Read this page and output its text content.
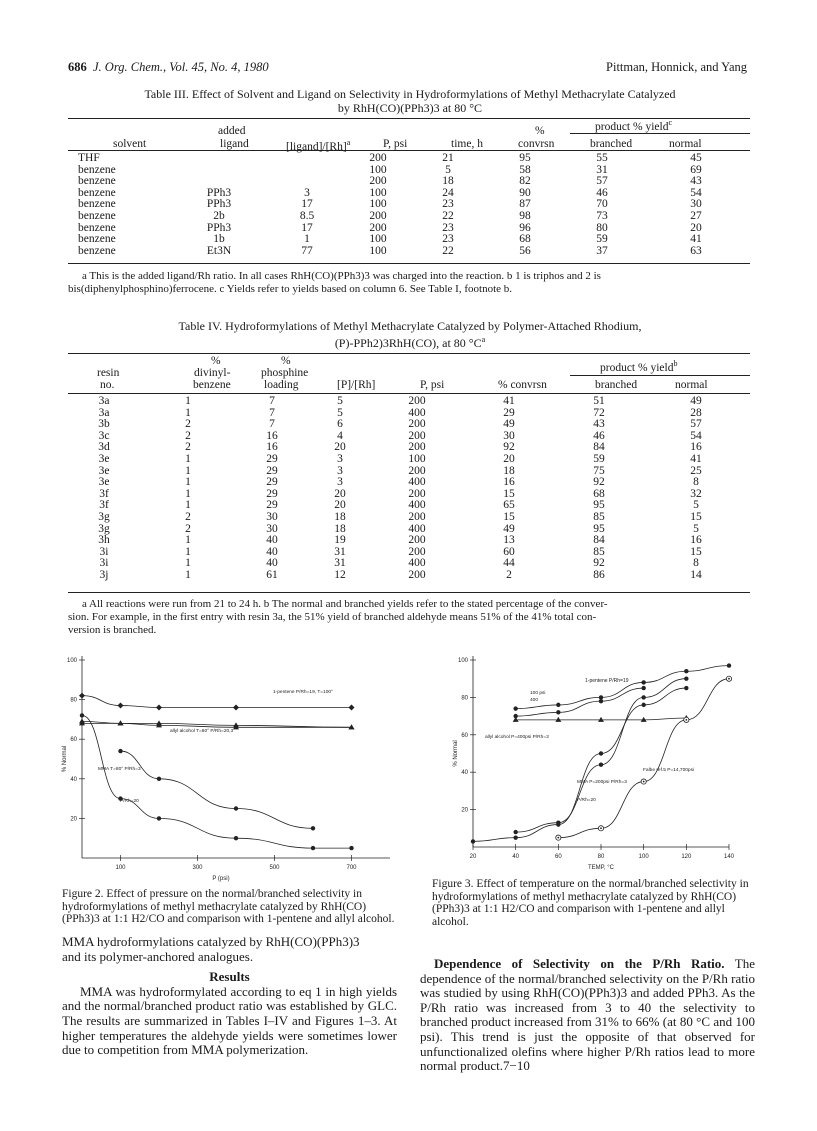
686 J. Org. Chem., Vol. 45, No. 4, 1980	Pittman, Honnick, and Yang
Table III. Effect of Solvent and Ligand on Selectivity in Hydroformylations of Methyl Methacrylate Catalyzed
by RhH(CO)(PPh3)3 at 80 °C
added	%	product % yield$^c$
solvent	ligand	$[ligand]/[Rh]^a$	P, psi	time, h	convrsn	branched	normal
THF			200	21	95	55	45
benzene			100	5	58	31	69
benzene			200	18	82	57	43
benzene	PPh3	3	100	24	90	46	54
benzene	PPh3	17	100	23	87	70	30
benzene	2b	8.5	200	22	98	73	27
benzene	PPh3	17	200	23	96	80	20
benzene	1b	1	100	23	68	59	41
benzene	Et3N	77	100	22	56	37	63
a This is the added ligand/Rh ratio. In all cases RhH(CO)(PPh3)3 was charged into the reaction. b 1 is triphos and 2 is
bis(diphenylphosphino)ferrocene. c Yields refer to yields based on column 6. See Table I, footnote b.
Table IV. Hydroformylations of Methyl Methacrylate Catalyzed by Polymer-Attached Rhodium,
(P)-PPh2)3RhH(CO), at 80 $^\circ C^a$
%	%
product % yield$^b$
resin	divinyl-	phosphine
no.	benzene	loading	[P]/[Rh]	P, psi	% convrsn	branched	normal
3a	1	7	5	200	41	51	49
3a	1	7	5	400	29	72	28
3b	2	7	6	200	49	43	57
3c	2	16	4	200	30	46	54
3d	2	16	20	200	92	84	16
3e	1	29	3	100	20	59	41
3e	1	29	3	200	18	75	25
3e	1	29	3	400	16	92	8
3f	1	29	20	200	15	68	32
3f	1	29	20	400	65	95	5
3g	2	30	18	200	15	85	15
3g	2	30	18	400	49	95	5
3h	1	40	19	200	13	84	16
3i	1	40	31	200	60	85	15
3i	1	40	31	400	44	92	8
3j	1	61	12	200	2	86	14
a All reactions were run from 21 to 24 h. b The normal and branched yields refer to the stated percentage of the conver-
sion. For example, in the first entry with resin 3a, the 51% yield of branched aldehyde means 51% of the 41% total con-
version is branched.
20
40
60
80
100
100	300	500	700
P (psi)
% Normal
1-pentene P/Rh=19, T=100°
allyl alcohol T=60° P/Rh=20,3
MMA T=80° P/Rh=3
P/Rh=20
Figure 2. Effect of pressure on the normal/branched selectivity in hydroformylations of methyl methacrylate catalyzed by RhH(CO)(PPh3)3 at 1:1 H2/CO and comparison with 1-pentene and allyl alcohol.
20
40
60
80
100
20	40	60	80	100	120	140
TEMP, °C
% Normal
1-pentene P/Rh=19
100 psi
400
allyl alcohol P=400psi P/Rh=3
MMA P=200psi P/Rh=3
P/Rh=20
Falbe ref.5 P=14,700psi
Figure 3. Effect of temperature on the normal/branched selectivity in hydroformylations of methyl methacrylate catalyzed by RhH(CO)(PPh3)3 at 1:1 H2/CO and comparison with 1-pentene and allyl alcohol.
MMA hydroformylations catalyzed by RhH(CO)(PPh3)3
and its polymer-anchored analogues.
Results
MMA was hydroformylated according to eq 1 in high yields and the normal/branched product ratio was established by GLC. The results are summarized in Tables I–IV and Figures 1–3. At higher temperatures the aldehyde yields were sometimes lower due to competition from MMA polymerization.
Dependence of Selectivity on the P/Rh Ratio. The dependence of the normal/branched selectivity on the P/Rh ratio was studied by using RhH(CO)(PPh3)3 and added PPh3. As the P/Rh ratio was increased from 3 to 40 the selectivity to branched product increased from 31% to 66% (at 80 °C and 100 psi). This trend is just the opposite of that observed for unfunctionalized olefins where higher P/Rh ratios lead to more normal product.7−10
